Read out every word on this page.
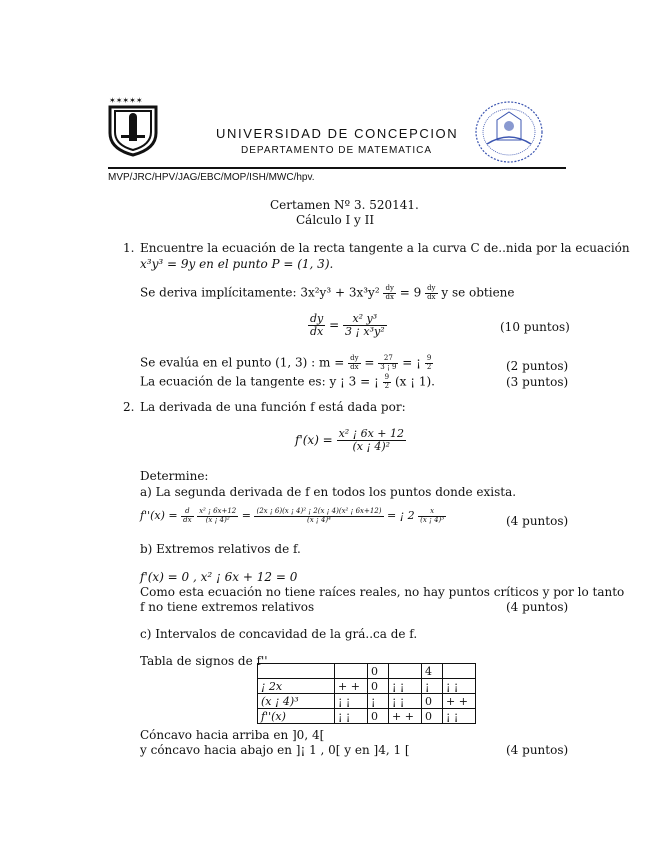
✶✶✶✶✶
UNIVERSIDAD DE CONCEPCION
DEPARTAMENTO DE MATEMATICA
MVP/JRC/HPV/JAG/EBC/MOP/ISH/MWC/hpv.
Certamen Nº 3. 520141.
Cálculo I y II
1. Encuentre la ecuación de la recta tangente a la curva C de..nida por la ecuación
x³y³ = 9y en el punto P = (1, 3).
Se deriva implícitamente: $3x^2y^3 + 3x^3y^2 \frac{dy}{dx} = 9 \frac{dy}{dx}$ y se obtiene
$\frac{dy}{dx} = \frac{\text{x² y³}}{\text{3 ¡ x³y²}}$	(10 puntos)
Se evalúa en el punto (1, 3) : $m = \frac{dy}{dx} = \frac{27}{3 ¡ 9}$ = ¡ $\frac{9}{2}$	(2 puntos)
La ecuación de la tangente es: y ¡ 3 = ¡ $\frac{9}{2} (x$ ¡ 1).	(3 puntos)
2. La derivada de una función f está dada por:
$f'(x) = \frac{\text{x² ¡ 6x + 12}}{\text{(x ¡ 4)²}}$
Determine:
a) La segunda derivada de f en todos los puntos donde exista.
$f''(x) = \frac{d}{dx}$
$\frac{\text{x² ¡ 6x+12}}{\text{(x ¡ 4)²}} = \frac{\text{(2x ¡ 6)(x ¡ 4)² ¡ 2(x ¡ 4)(x² ¡ 6x+12)}}{\text{(x ¡ 4)⁴}}$ = ¡ $2 \frac{x}{\text{(x ¡ 4)³}}$	(4 puntos)
b) Extremos relativos de f.
f'(x) = 0 , x² ¡ 6x + 12 = 0
Como esta ecuación no tiene raíces reales, no hay puntos críticos y por lo tanto
f no tiene extremos relativos	(4 puntos)
c) Intervalos de concavidad de la grá..ca de f.
Tabla de signos de f''
		0		4	
¡ 2x	+ +	0	¡ ¡	¡	¡ ¡
(x ¡ 4)³	¡ ¡	¡	¡ ¡	0	+ +
f''(x)	¡ ¡	0	+ +	0	¡ ¡
Cóncavo hacia arriba en ]0, 4[
y cóncavo hacia abajo en ]¡ 1 , 0[ y en ]4, 1 [	(4 puntos)
